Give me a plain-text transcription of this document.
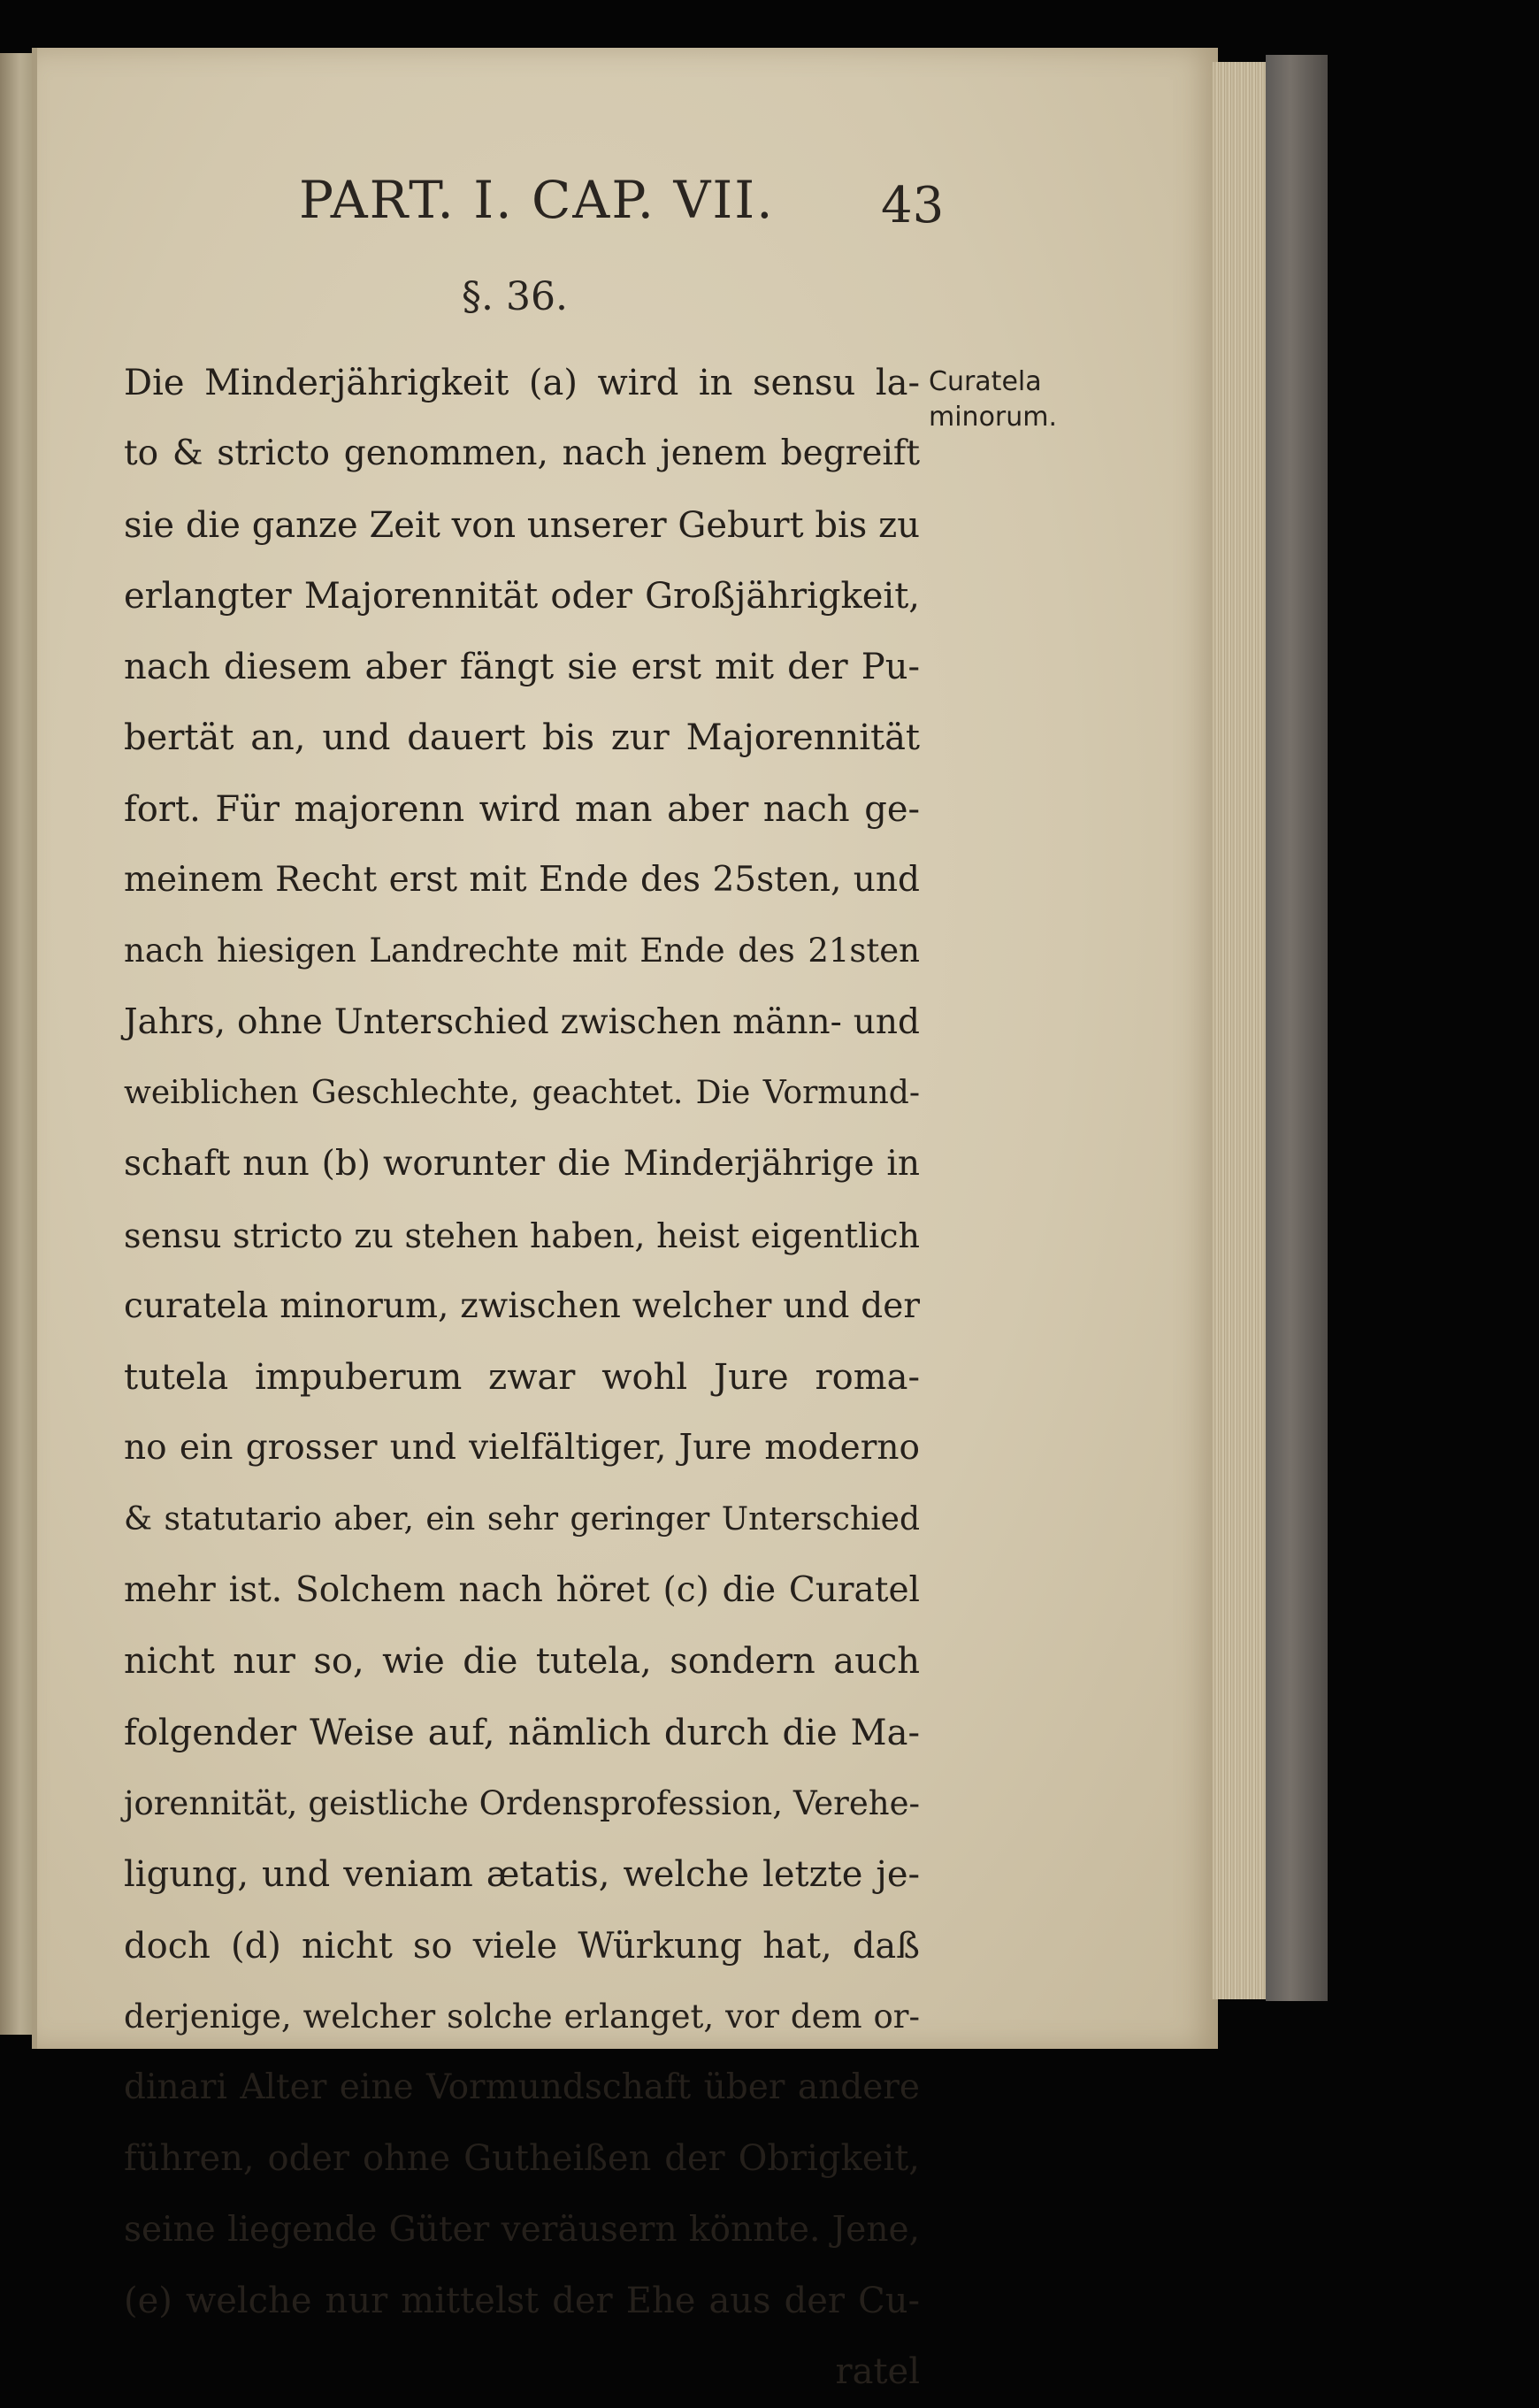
PART. I. CAP. VII. 43
§. 36.
Curatela
minorum.
Die Minderjährigkeit (a) wird in sensu la-
to & stricto genommen, nach jenem begreift
sie die ganze Zeit von unserer Geburt bis zu
erlangter Majorennität oder Großjährigkeit,
nach diesem aber fängt sie erst mit der Pu-
bertät an, und dauert bis zur Majorennität
fort. Für majorenn wird man aber nach ge-
meinem Recht erst mit Ende des 25sten, und
nach hiesigen Landrechte mit Ende des 21sten
Jahrs, ohne Unterschied zwischen männ- und
weiblichen Geschlechte, geachtet. Die Vormund-
schaft nun (b) worunter die Minderjährige in
sensu stricto zu stehen haben, heist eigentlich
curatela minorum, zwischen welcher und der
tutela impuberum zwar wohl Jure roma-
no ein grosser und vielfältiger, Jure moderno
& statutario aber, ein sehr geringer Unterschied
mehr ist. Solchem nach höret (c) die Curatel
nicht nur so, wie die tutela, sondern auch
folgender Weise auf, nämlich durch die Ma-
jorennität, geistliche Ordensprofession, Verehe-
ligung, und veniam ætatis, welche letzte je-
doch (d) nicht so viele Würkung hat, daß
derjenige, welcher solche erlanget, vor dem or-
dinari Alter eine Vormundschaft über andere
führen, oder ohne Gutheißen der Obrigkeit,
seine liegende Güter veräusern könnte. Jene,
(e) welche nur mittelst der Ehe aus der Cu-
ratel
